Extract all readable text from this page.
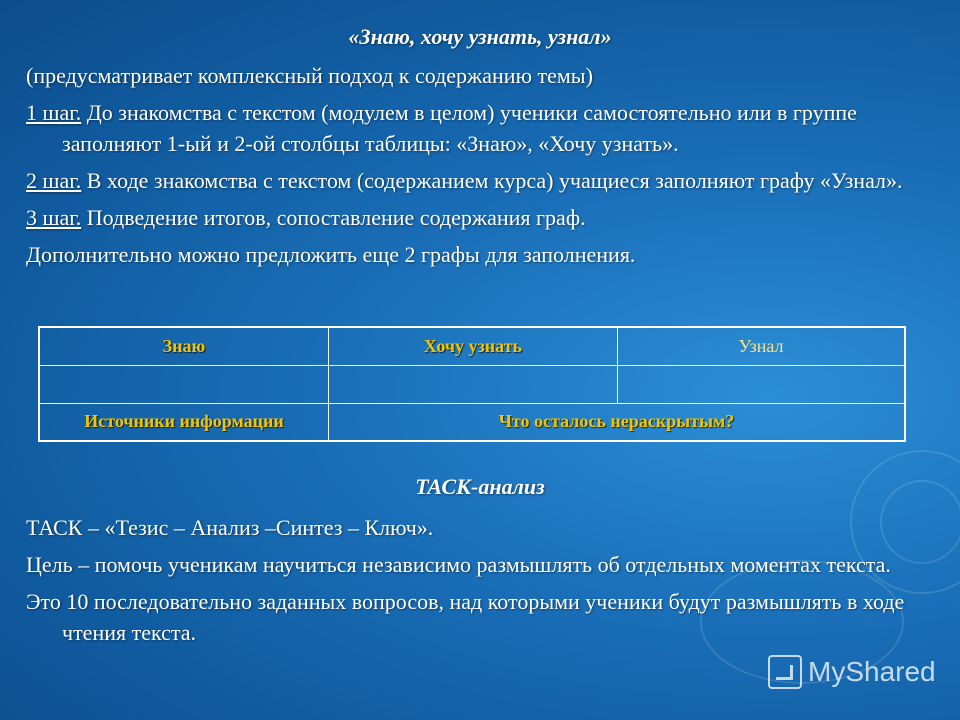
«Знаю, хочу узнать, узнал»

(предусматривает комплексный подход к содержанию темы)

1 шаг. До знакомства с текстом (модулем в целом) ученики самостоятельно или в группе заполняют 1-ый и 2-ой столбцы таблицы: «Знаю», «Хочу узнать».

2 шаг. В ходе знакомства с текстом (содержанием курса) учащиеся заполняют графу «Узнал».

3 шаг. Подведение итогов, сопоставление содержания граф.

Дополнительно можно предложить еще 2 графы для заполнения.

Знаю	Хочу узнать	Узнал

Источники информации	Что осталось нераскрытым?	
ТАСК-анализ

ТАСК – «Тезис – Анализ –Синтез – Ключ».

Цель – помочь ученикам научиться независимо размышлять об отдельных моментах текста.

Это 10 последовательно заданных вопросов, над которыми ученики будут размышлять в ходе чтения текста.

MyShared
